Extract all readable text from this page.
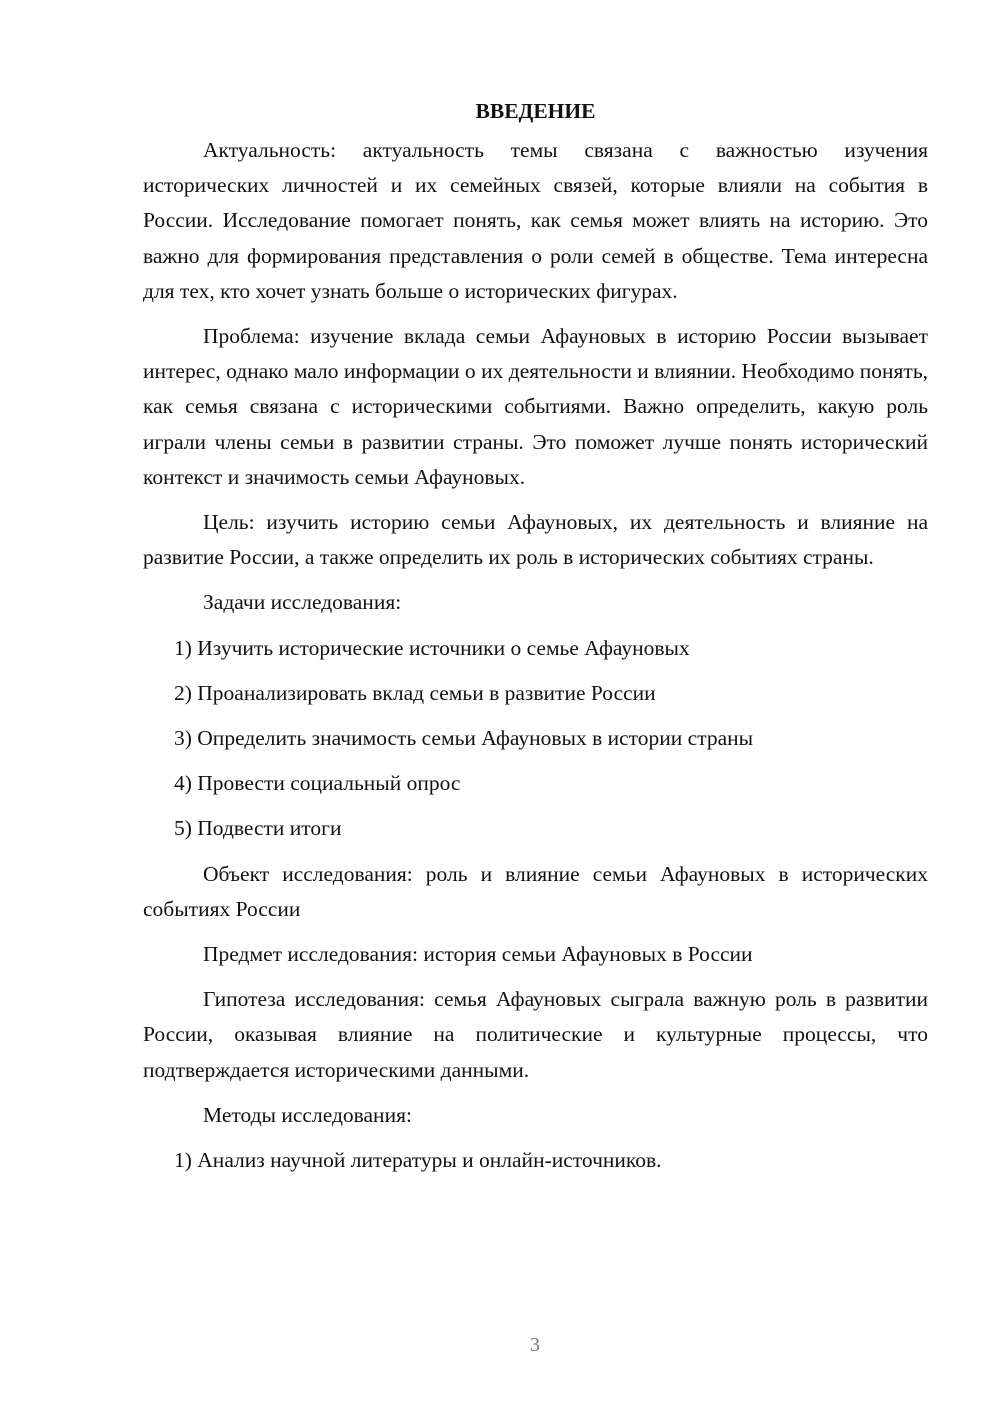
ВВЕДЕНИЕ

Актуальность: актуальность темы связана с важностью изучения исторических личностей и их семейных связей, которые влияли на события в России. Исследование помогает понять, как семья может влиять на историю. Это важно для формирования представления о роли семей в обществе. Тема интересна для тех, кто хочет узнать больше о исторических фигурах.

Проблема: изучение вклада семьи Афауновых в историю России вызывает интерес, однако мало информации о их деятельности и влиянии. Необходимо понять, как семья связана с историческими событиями. Важно определить, какую роль играли члены семьи в развитии страны. Это поможет лучше понять исторический контекст и значимость семьи Афауновых.

Цель: изучить историю семьи Афауновых, их деятельность и влияние на развитие России, а также определить их роль в исторических событиях страны.

Задачи исследования:

1) Изучить исторические источники о семье Афауновых
2) Проанализировать вклад семьи в развитие России
3) Определить значимость семьи Афауновых в истории страны
4) Провести социальный опрос
5) Подвести итоги

Объект исследования: роль и влияние семьи Афауновых в исторических событиях России

Предмет исследования: история семьи Афауновых в России

Гипотеза исследования: семья Афауновых сыграла важную роль в развитии России, оказывая влияние на политические и культурные процессы, что подтверждается историческими данными.

Методы исследования:

1) Анализ научной литературы и онлайн-источников.
3
